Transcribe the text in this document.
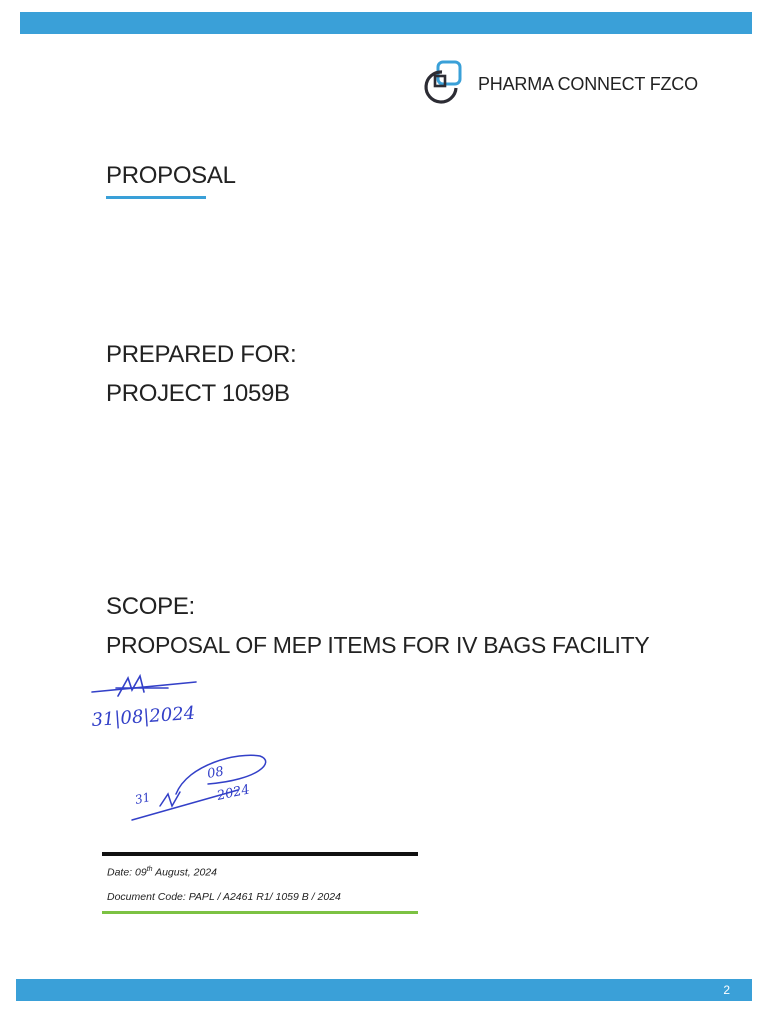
PHARMA CONNECT FZCO
PROPOSAL
PREPARED FOR:
PROJECT 1059B
SCOPE:
PROPOSAL OF MEP ITEMS FOR IV BAGS FACILITY
31|08|2024
31
08
2024
Date: 09th August, 2024
Document Code: PAPL / A2461 R1/ 1059 B / 2024
2
